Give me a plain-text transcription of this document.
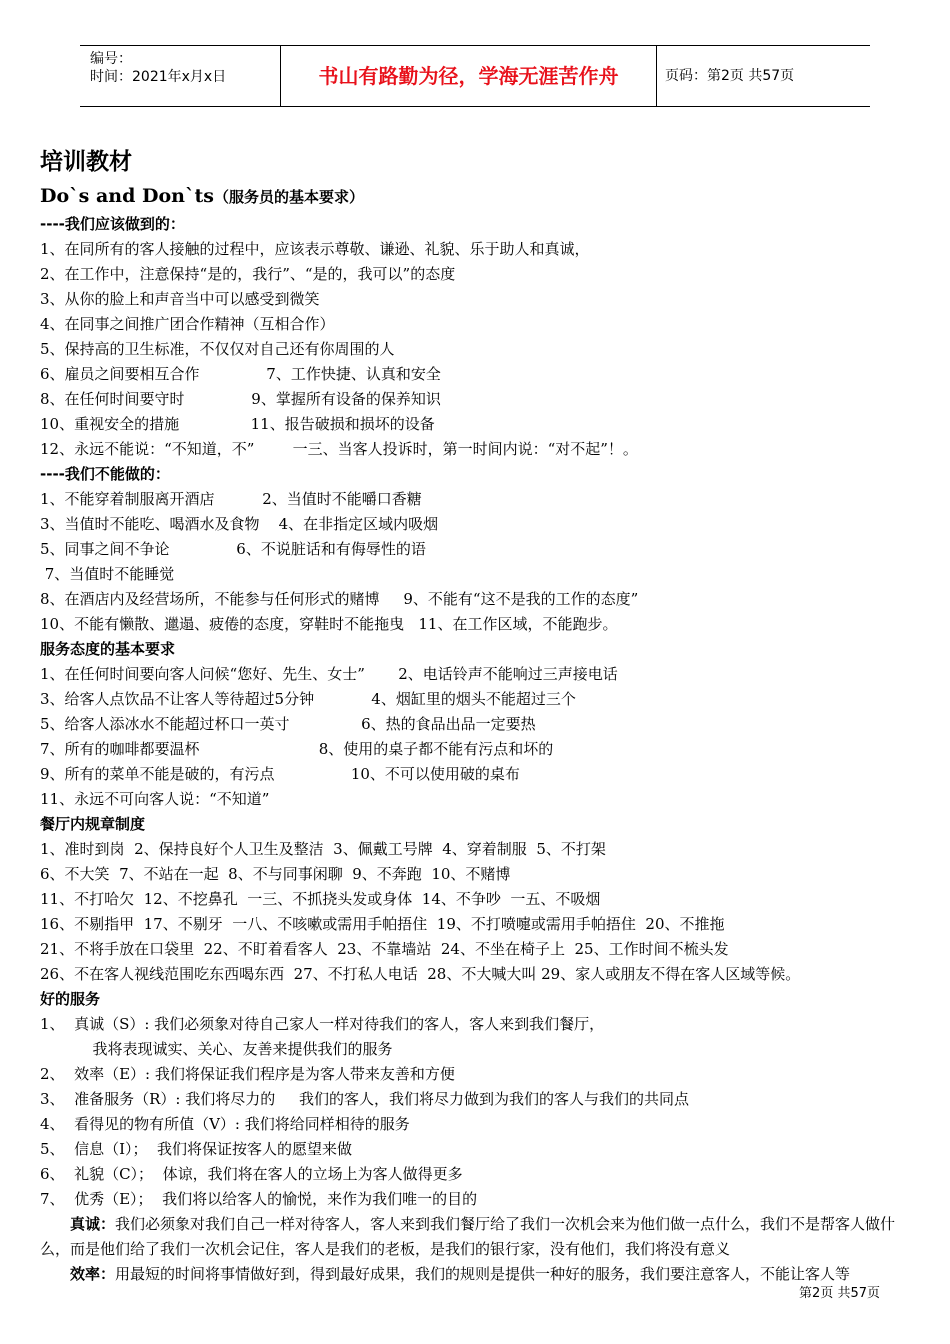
编号：
时间：2021年x月x日	书山有路勤为径，学海无涯苦作舟	页码：第2页 共57页
培训教材
Do`s and Don`ts（服务员的基本要求）
----我们应该做到的：
1、在同所有的客人接触的过程中，应该表示尊敬、谦逊、礼貌、乐于助人和真诚，
2、在工作中，注意保持“是的，我行”、“是的，我可以”的态度
3、从你的脸上和声音当中可以感受到微笑
4、在同事之间推广团合作精神（互相合作）
5、保持高的卫生标准，不仅仅对自己还有你周围的人
6、雇员之间要相互合作              7、工作快捷、认真和安全
8、在任何时间要守时              9、掌握所有设备的保养知识
10、重视安全的措施               11、报告破损和损坏的设备
12、永远不能说：“不知道，不”        一三、当客人投诉时，第一时间内说：“对不起”！。
----我们不能做的：
1、不能穿着制服离开酒店          2、当值时不能嚼口香糖
3、当值时不能吃、喝酒水及食物    4、在非指定区域内吸烟
5、同事之间不争论              6、不说脏话和有侮辱性的语
7、当值时不能睡觉
8、在酒店内及经营场所，不能参与任何形式的赌博     9、不能有“这不是我的工作的态度”
10、不能有懒散、邋遢、疲倦的态度，穿鞋时不能拖曳   11、在工作区域，不能跑步。
服务态度的基本要求
1、在任何时间要向客人问候“您好、先生、女士”       2、电话铃声不能响过三声接电话
3、给客人点饮品不让客人等待超过5分钟            4、烟缸里的烟头不能超过三个
5、给客人添冰水不能超过杯口一英寸               6、热的食品出品一定要热
7、所有的咖啡都要温杯                         8、使用的桌子都不能有污点和坏的
9、所有的菜单不能是破的，有污点                10、不可以使用破的桌布
11、永远不可向客人说：“不知道”
餐厅内规章制度
1、准时到岗  2、保持良好个人卫生及整洁  3、佩戴工号牌  4、穿着制服  5、不打架
6、不大笑  7、不站在一起  8、不与同事闲聊  9、不奔跑  10、不赌博
11、不打哈欠  12、不挖鼻孔  一三、不抓挠头发或身体  14、不争吵  一五、不吸烟
16、不剔指甲  17、不剔牙  一八、不咳嗽或需用手帕捂住  19、不打喷嚏或需用手帕捂住  20、不推拖
21、不将手放在口袋里  22、不盯着看客人  23、不靠墙站  24、不坐在椅子上  25、工作时间不梳头发
26、不在客人视线范围吃东西喝东西  27、不打私人电话  28、不大喊大叫 29、家人或朋友不得在客人区域等候。
好的服务
1、  真诚（S）: 我们必须象对待自己家人一样对待我们的客人，客人来到我们餐厅，
我将表现诚实、关心、友善来提供我们的服务
2、  效率（E）: 我们将保证我们程序是为客人带来友善和方便
3、  准备服务（R）: 我们将尽力的     我们的客人，我们将尽力做到为我们的客人与我们的共同点
4、  看得见的物有所值（V）: 我们将给同样相待的服务
5、  信息（I）；  我们将保证按客人的愿望来做
6、  礼貌（C）；  体谅，我们将在客人的立场上为客人做得更多
7、  优秀（E）；  我们将以给客人的愉悦，来作为我们唯一的目的
真诚：我们必须象对我们自己一样对待客人，客人来到我们餐厅给了我们一次机会来为他们做一点什么，我们不是帮客人做什么，而是他们给了我们一次机会记住，客人是我们的老板，是我们的银行家，没有他们，我们将没有意义
效率：用最短的时间将事情做好到，得到最好成果，我们的规则是提供一种好的服务，我们要注意客人，不能让客人等
第2页 共57页
